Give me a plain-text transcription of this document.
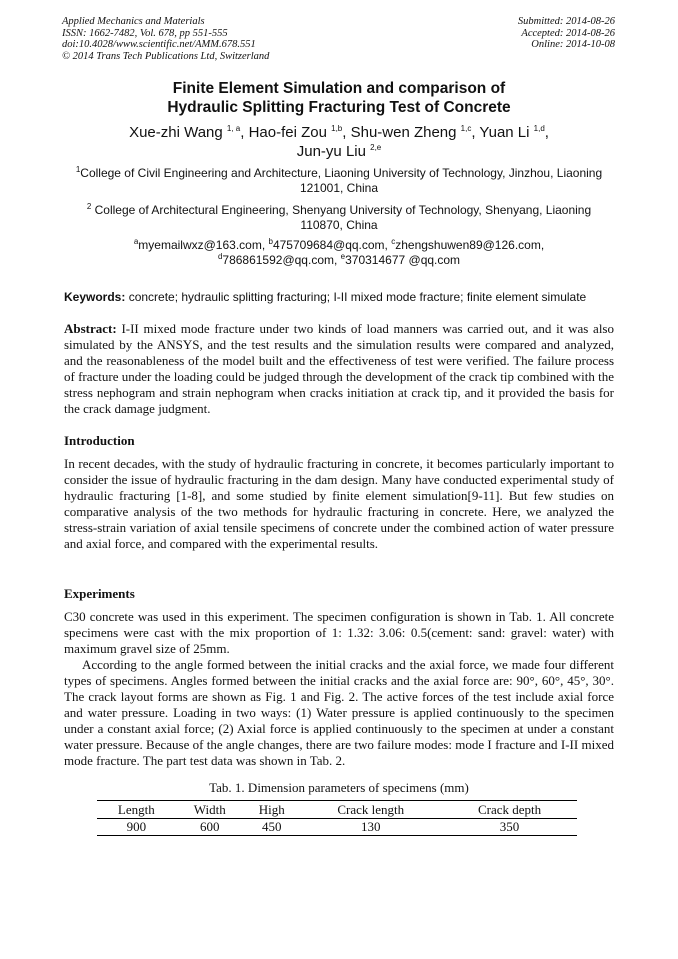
Applied Mechanics and Materials
ISSN: 1662-7482, Vol. 678, pp 551-555
doi:10.4028/www.scientific.net/AMM.678.551
© 2014 Trans Tech Publications Ltd, Switzerland
Submitted: 2014-08-26
Accepted: 2014-08-26
Online: 2014-10-08
Finite Element Simulation and comparison of
Hydraulic Splitting Fracturing Test of Concrete
Xue-zhi Wang $^{1, a}$, Hao-fei Zou $^{1,b}$, Shu-wen Zheng $^{1,c}$, Yuan Li $^{1,d}$,
Jun-yu Liu $^{2,e}$
$^1$College of Civil Engineering and Architecture, Liaoning University of Technology, Jinzhou, Liaoning
121001, China
$^2$ College of Architectural Engineering, Shenyang University of Technology, Shenyang, Liaoning
110870, China
$^a$myemailwxz@163.com, $^b$475709684@qq.com, $^c$zhengshuwen89@126.com,
$^d$786861592@qq.com, $^e$370314677 @qq.com
Keywords: concrete; hydraulic splitting fracturing; I-II mixed mode fracture; finite element simulate
Abstract: I-II mixed mode fracture under two kinds of load manners was carried out, and it was also simulated by the ANSYS, and the test results and the simulation results were compared and analyzed, and the reasonableness of the model built and the effectiveness of test were verified. The failure process of fracture under the loading could be judged through the development of the crack tip combined with the stress nephogram and strain nephogram when cracks initiation at crack tip, and it provided the basis for the crack damage judgment.
Introduction
In recent decades, with the study of hydraulic fracturing in concrete, it becomes particularly important to consider the issue of hydraulic fracturing in the dam design. Many have conducted experimental study of hydraulic fracturing [1-8], and some studied by finite element simulation[9-11]. But few studies on comparative analysis of the two methods for hydraulic fracturing in concrete. Here, we analyzed the stress-strain variation of axial tensile specimens of concrete under the combined action of water pressure and axial force, and compared with the experimental results.
Experiments
C30 concrete was used in this experiment. The specimen configuration is shown in Tab. 1. All concrete specimens were cast with the mix proportion of 1: 1.32: 3.06: 0.5(cement: sand: gravel: water) with maximum gravel size of 25mm.
According to the angle formed between the initial cracks and the axial force, we made four different types of specimens. Angles formed between the initial cracks and the axial force are: 90°, 60°, 45°, 30°. The crack layout forms are shown as Fig. 1 and Fig. 2. The active forces of the test include axial force and water pressure. Loading in two ways: (1) Water pressure is applied continuously to the specimen under a constant axial force; (2) Axial force is applied continuously to the specimen at under a constant water pressure. Because of the angle changes, there are two failure modes: mode I fracture and I-II mixed mode fracture. The part test data was shown in Tab. 2.
Tab. 1. Dimension parameters of specimens (mm)
Length	Width	High	Crack length	Crack depth
900	600	450	130	350
